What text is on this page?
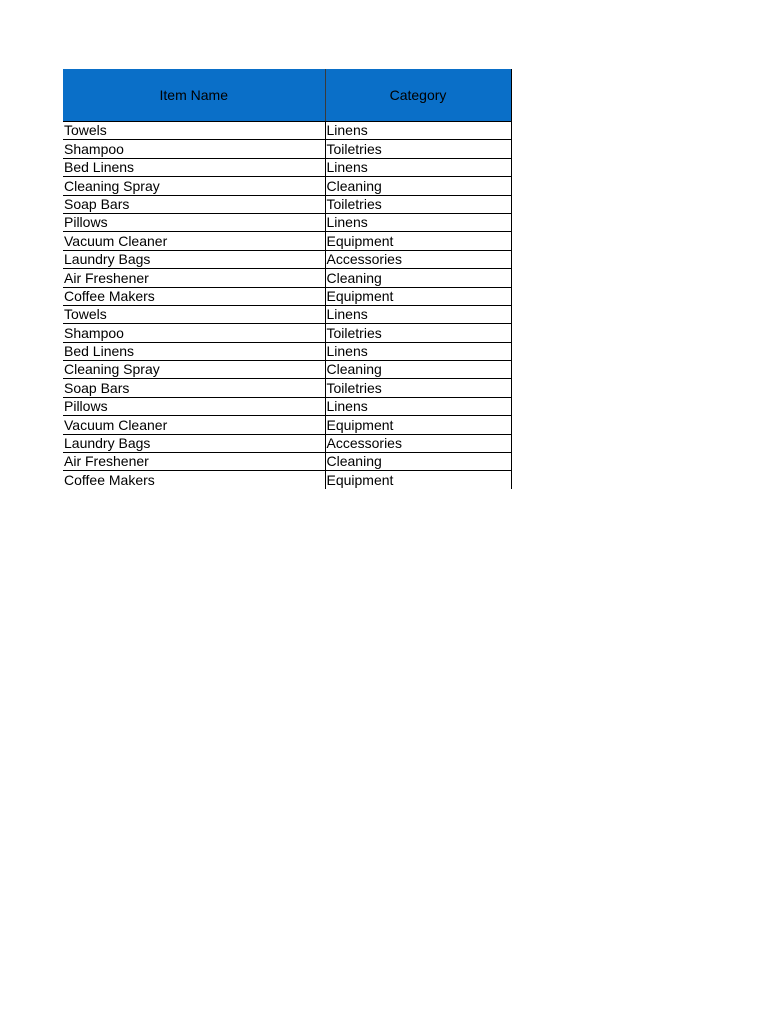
Item Name	Category
Towels	Linens
Shampoo	Toiletries
Bed Linens	Linens
Cleaning Spray	Cleaning
Soap Bars	Toiletries
Pillows	Linens
Vacuum Cleaner	Equipment
Laundry Bags	Accessories
Air Freshener	Cleaning
Coffee Makers	Equipment
Towels	Linens
Shampoo	Toiletries
Bed Linens	Linens
Cleaning Spray	Cleaning
Soap Bars	Toiletries
Pillows	Linens
Vacuum Cleaner	Equipment
Laundry Bags	Accessories
Air Freshener	Cleaning
Coffee Makers	Equipment
